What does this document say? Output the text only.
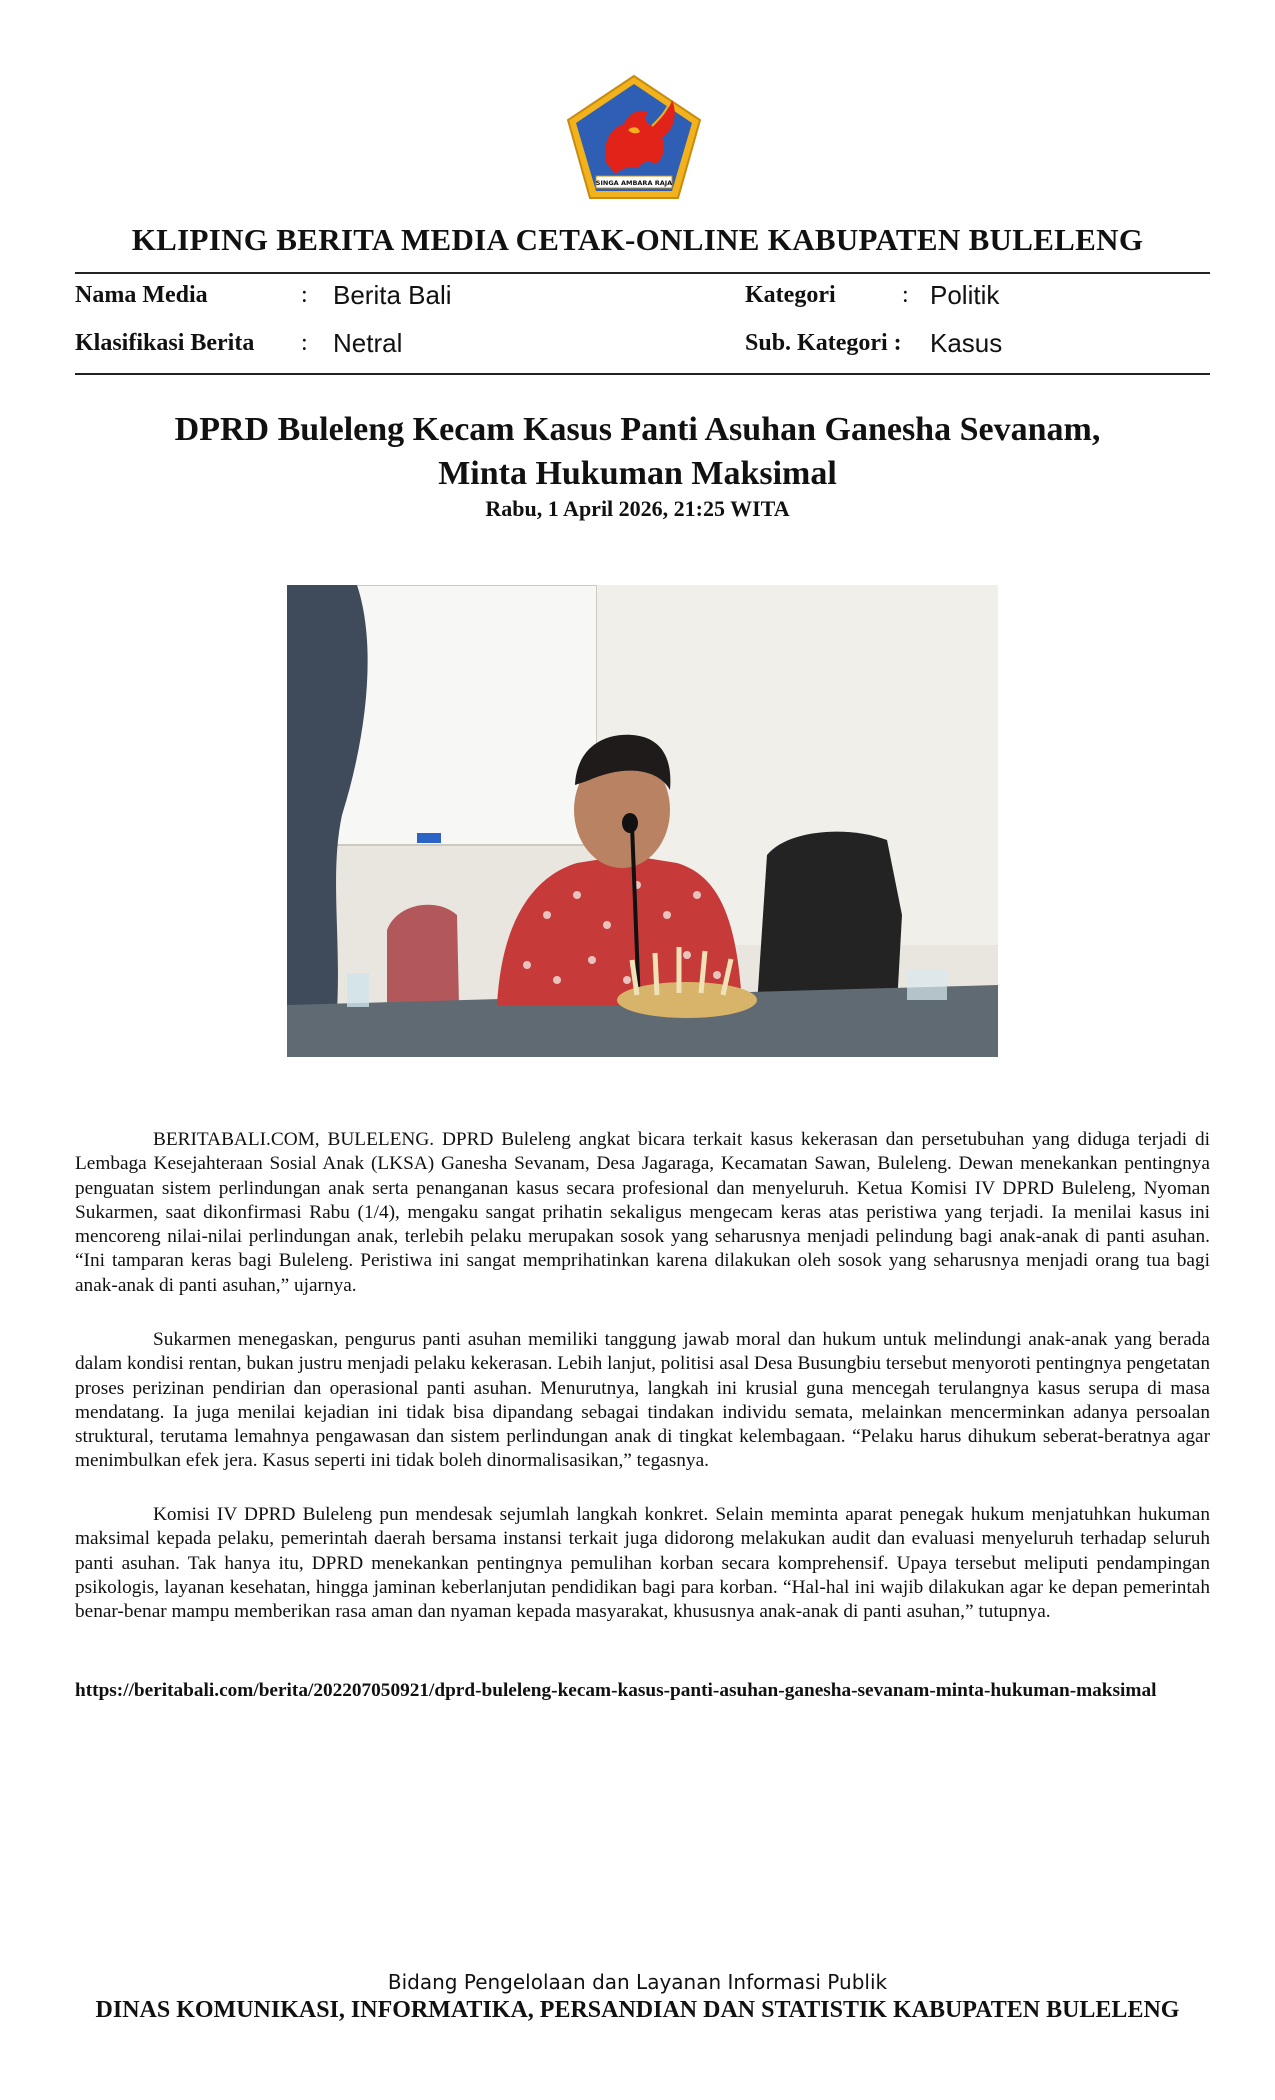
SINGA AMBARA RAJA
KLIPING BERITA MEDIA CETAK-ONLINE KABUPATEN BULELENG
Nama Media	: Berita Bali
Klasifikasi Berita : Netral
Kategori	: Politik
Sub. Kategori : Kasus
DPRD Buleleng Kecam Kasus Panti Asuhan Ganesha Sevanam,
Minta Hukuman Maksimal
Rabu, 1 April 2026, 21:25 WITA

BERITABALI.COM, BULELENG. DPRD Buleleng angkat bicara terkait kasus kekerasan dan persetubuhan yang diduga terjadi di Lembaga Kesejahteraan Sosial Anak (LKSA) Ganesha Sevanam, Desa Jagaraga, Kecamatan Sawan, Buleleng. Dewan menekankan pentingnya penguatan sistem perlindungan anak serta penanganan kasus secara profesional dan menyeluruh. Ketua Komisi IV DPRD Buleleng, Nyoman Sukarmen, saat dikonfirmasi Rabu (1/4), mengaku sangat prihatin sekaligus mengecam keras atas peristiwa yang terjadi. Ia menilai kasus ini mencoreng nilai-nilai perlindungan anak, terlebih pelaku merupakan sosok yang seharusnya menjadi pelindung bagi anak-anak di panti asuhan. “Ini tamparan keras bagi Buleleng. Peristiwa ini sangat memprihatinkan karena dilakukan oleh sosok yang seharusnya menjadi orang tua bagi anak-anak di panti asuhan,” ujarnya.

Sukarmen menegaskan, pengurus panti asuhan memiliki tanggung jawab moral dan hukum untuk melindungi anak-anak yang berada dalam kondisi rentan, bukan justru menjadi pelaku kekerasan. Lebih lanjut, politisi asal Desa Busungbiu tersebut menyoroti pentingnya pengetatan proses perizinan pendirian dan operasional panti asuhan. Menurutnya, langkah ini krusial guna mencegah terulangnya kasus serupa di masa mendatang. Ia juga menilai kejadian ini tidak bisa dipandang sebagai tindakan individu semata, melainkan mencerminkan adanya persoalan struktural, terutama lemahnya pengawasan dan sistem perlindungan anak di tingkat kelembagaan. “Pelaku harus dihukum seberat-beratnya agar menimbulkan efek jera. Kasus seperti ini tidak boleh dinormalisasikan,” tegasnya.

Komisi IV DPRD Buleleng pun mendesak sejumlah langkah konkret. Selain meminta aparat penegak hukum menjatuhkan hukuman maksimal kepada pelaku, pemerintah daerah bersama instansi terkait juga didorong melakukan audit dan evaluasi menyeluruh terhadap seluruh panti asuhan. Tak hanya itu, DPRD menekankan pentingnya pemulihan korban secara komprehensif. Upaya tersebut meliputi pendampingan psikologis, layanan kesehatan, hingga jaminan keberlanjutan pendidikan bagi para korban. “Hal-hal ini wajib dilakukan agar ke depan pemerintah benar-benar mampu memberikan rasa aman dan nyaman kepada masyarakat, khususnya anak-anak di panti asuhan,” tutupnya.

https://beritabali.com/berita/202207050921/dprd-buleleng-kecam-kasus-panti-asuhan-ganesha-sevanam-minta-hukuman-maksimal
Bidang Pengelolaan dan Layanan Informasi Publik
DINAS KOMUNIKASI, INFORMATIKA, PERSANDIAN DAN STATISTIK KABUPATEN BULELENG
